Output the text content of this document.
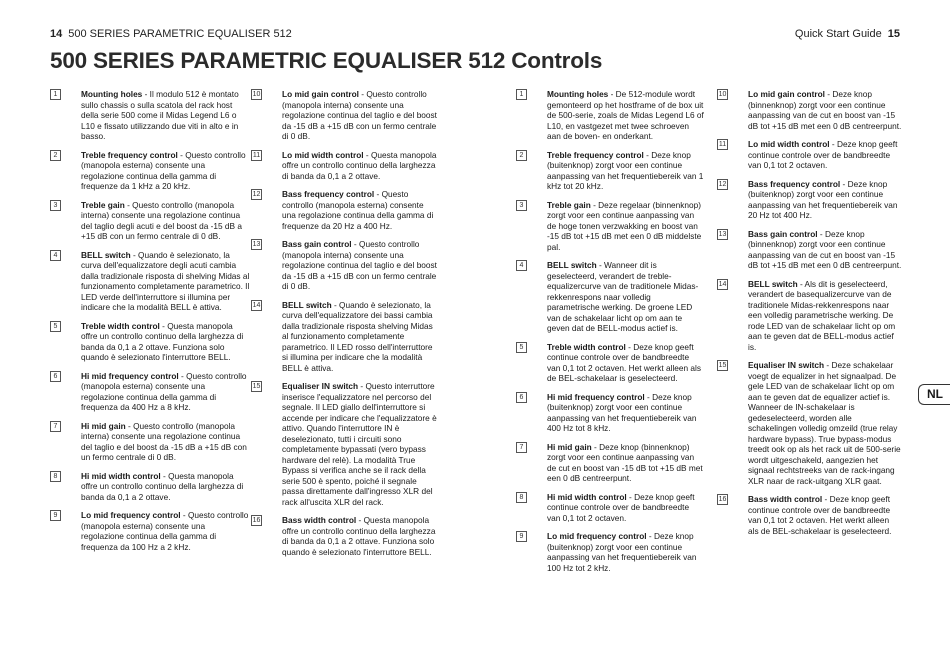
14 500 SERIES PARAMETRIC EQUALISER 512	Quick Start Guide 15
500 SERIES PARAMETRIC EQUALISER 512 Controls
1	Mounting holes - Il modulo 512 è montato sullo chassis o sulla scatola del rack host della serie 500 come il Midas Legend L6 o L10 e fissato utilizzando due viti in alto e in basso.
2	Treble frequency control - Questo controllo (manopola esterna) consente una regolazione continua della gamma di frequenze da 1 kHz a 20 kHz.
3	Treble gain - Questo controllo (manopola interna) consente una regolazione continua del taglio degli acuti e del boost da -15 dB a +15 dB con un fermo centrale di 0 dB.
4	BELL switch - Quando è selezionato, la curva dell'equalizzatore degli acuti cambia dalla tradizionale risposta di shelving Midas al funzionamento completamente parametrico. Il LED verde dell'interruttore si illumina per indicare che la modalità BELL è attiva.
5	Treble width control - Questa manopola offre un controllo continuo della larghezza di banda da 0,1 a 2 ottave. Funziona solo quando è selezionato l'interruttore BELL.
6	Hi mid frequency control - Questo controllo (manopola esterna) consente una regolazione continua della gamma di frequenza da 400 Hz a 8 kHz.
7	Hi mid gain - Questo controllo (manopola interna) consente una regolazione continua del taglio e del boost da -15 dB a +15 dB con un fermo centrale di 0 dB.
8	Hi mid width control - Questa manopola offre un controllo continuo della larghezza di banda da 0,1 a 2 ottave.
9	Lo mid frequency control - Questo controllo (manopola esterna) consente una regolazione continua della gamma di frequenza da 100 Hz a 2 kHz.
10	Lo mid gain control - Questo controllo (manopola interna) consente una regolazione continua del taglio e del boost da -15 dB a +15 dB con un fermo centrale di 0 dB.
11	Lo mid width control - Questa manopola offre un controllo continuo della larghezza di banda da 0,1 a 2 ottave.
12	Bass frequency control - Questo controllo (manopola esterna) consente una regolazione continua della gamma di frequenze da 20 Hz a 400 Hz.
13	Bass gain control - Questo controllo (manopola interna) consente una regolazione continua del taglio e del boost da -15 dB a +15 dB con un fermo centrale di 0 dB.
14	BELL switch - Quando è selezionato, la curva dell'equalizzatore dei bassi cambia dalla tradizionale risposta shelving Midas al funzionamento completamente parametrico. Il LED rosso dell'interruttore si illumina per indicare che la modalità BELL è attiva.
15	Equaliser IN switch - Questo interruttore inserisce l'equalizzatore nel percorso del segnale. Il LED giallo dell'interruttore si accende per indicare che l'equalizzatore è attivo. Quando l'interruttore IN è deselezionato, tutti i circuiti sono completamente bypassati (vero bypass hardware del relè). La modalità True Bypass si verifica anche se il rack della serie 500 è spento, poiché il segnale passa direttamente dall'ingresso XLR del rack all'uscita XLR del rack.
16	Bass width control - Questa manopola offre un controllo continuo della larghezza di banda da 0,1 a 2 ottave. Funziona solo quando è selezionato l'interruttore BELL.
1	Mounting holes - De 512-module wordt gemonteerd op het hostframe of de box uit de 500-serie, zoals de Midas Legend L6 of L10, en vastgezet met twee schroeven aan de boven- en onderkant.
2	Treble frequency control - Deze knop (buitenknop) zorgt voor een continue aanpassing van het frequentiebereik van 1 kHz tot 20 kHz.
3	Treble gain - Deze regelaar (binnenknop) zorgt voor een continue aanpassing van de hoge tonen verzwakking en boost van -15 dB tot +15 dB met een 0 dB middelste pal.
4	BELL switch - Wanneer dit is geselecteerd, verandert de treble-equalizercurve van de traditionele Midas-rekkenrespons naar volledig parametrische werking. De groene LED van de schakelaar licht op om aan te geven dat de BELL-modus actief is.
5	Treble width control - Deze knop geeft continue controle over de bandbreedte van 0,1 tot 2 octaven. Het werkt alleen als de BEL-schakelaar is geselecteerd.
6	Hi mid frequency control - Deze knop (buitenknop) zorgt voor een continue aanpassing van het frequentiebereik van 400 Hz tot 8 kHz.
7	Hi mid gain - Deze knop (binnenknop) zorgt voor een continue aanpassing van de cut en boost van -15 dB tot +15 dB met een 0 dB centreerpunt.
8	Hi mid width control - Deze knop geeft continue controle over de bandbreedte van 0,1 tot 2 octaven.
9	Lo mid frequency control - Deze knop (buitenknop) zorgt voor een continue aanpassing van het frequentiebereik van 100 Hz tot 2 kHz.
10	Lo mid gain control - Deze knop (binnenknop) zorgt voor een continue aanpassing van de cut en boost van -15 dB tot +15 dB met een 0 dB centreerpunt.
11	Lo mid width control - Deze knop geeft continue controle over de bandbreedte van 0,1 tot 2 octaven.
12	Bass frequency control - Deze knop (buitenknop) zorgt voor een continue aanpassing van het frequentiebereik van 20 Hz tot 400 Hz.
13	Bass gain control - Deze knop (binnenknop) zorgt voor een continue aanpassing van de cut en boost van -15 dB tot +15 dB met een 0 dB centreerpunt.
14	BELL switch - Als dit is geselecteerd, verandert de basequalizercurve van de traditionele Midas-rekkenrespons naar een volledig parametrische werking. De rode LED van de schakelaar licht op om aan te geven dat de BELL-modus actief is.
15	Equaliser IN switch - Deze schakelaar voegt de equalizer in het signaalpad. De gele LED van de schakelaar licht op om aan te geven dat de equalizer actief is. Wanneer de IN-schakelaar is gedeselecteerd, worden alle schakelingen volledig omzeild (true relay hardware bypass). True bypass-modus treedt ook op als het rack uit de 500-serie wordt uitgeschakeld, aangezien het signaal rechtstreeks van de rack-ingang XLR naar de rack-uitgang XLR gaat.
16	Bass width control - Deze knop geeft continue controle over de bandbreedte van 0,1 tot 2 octaven. Het werkt alleen als de BEL-schakelaar is geselecteerd.
NL
